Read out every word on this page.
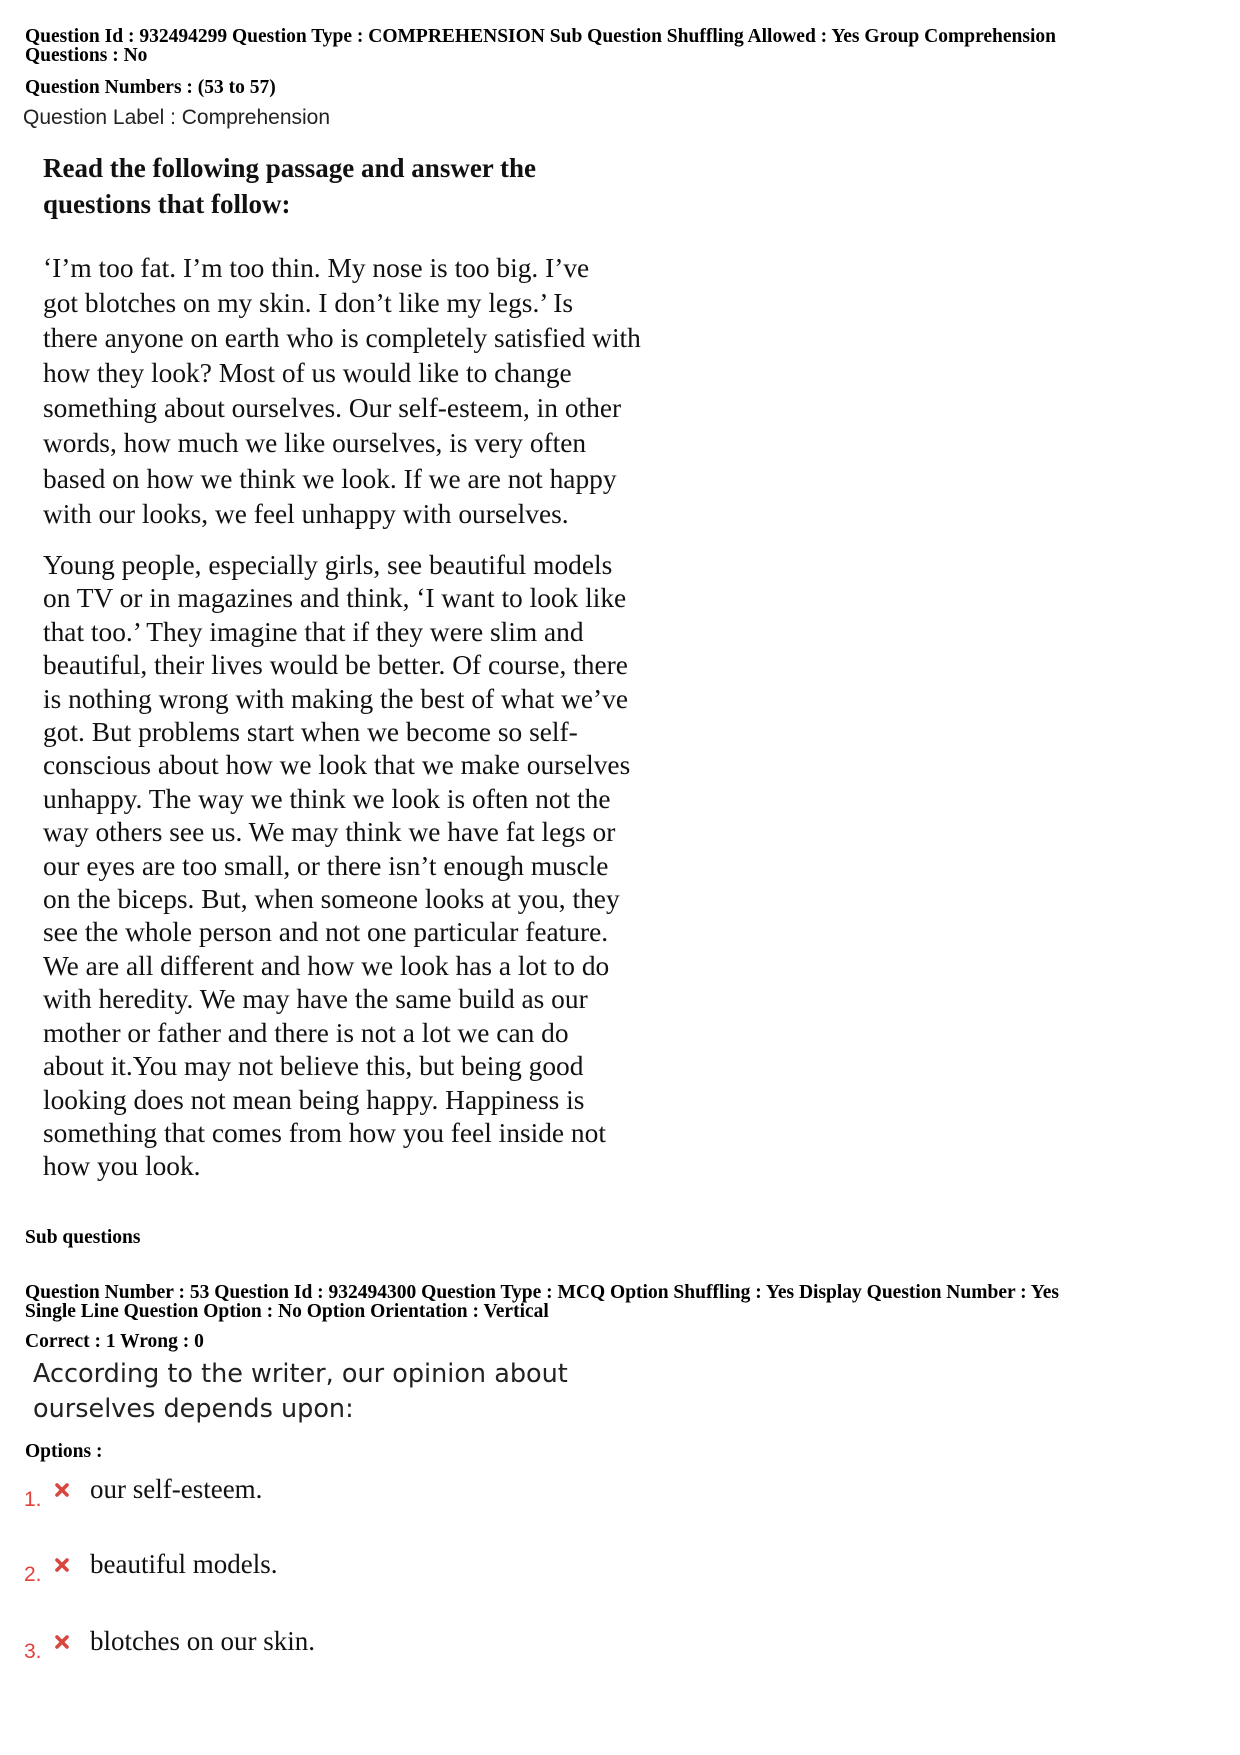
Question Id : 932494299 Question Type : COMPREHENSION Sub Question Shuffling Allowed : Yes Group Comprehension

Questions : No

Question Numbers : (53 to 57)

Question Label : Comprehension

Read the following passage and answer the
questions that follow:

‘I’m too fat. I’m too thin. My nose is too big. I’ve
got blotches on my skin. I don’t like my legs.’ Is
there anyone on earth who is completely satisfied with
how they look? Most of us would like to change
something about ourselves. Our self-esteem, in other
words, how much we like ourselves, is very often
based on how we think we look. If we are not happy
with our looks, we feel unhappy with ourselves.

Young people, especially girls, see beautiful models
on TV or in magazines and think, ‘I want to look like
that too.’ They imagine that if they were slim and
beautiful, their lives would be better. Of course, there
is nothing wrong with making the best of what we’ve
got. But problems start when we become so self-
conscious about how we look that we make ourselves
unhappy. The way we think we look is often not the
way others see us. We may think we have fat legs or
our eyes are too small, or there isn’t enough muscle
on the biceps. But, when someone looks at you, they
see the whole person and not one particular feature.
We are all different and how we look has a lot to do
with heredity. We may have the same build as our
mother or father and there is not a lot we can do
about it.You may not believe this, but being good
looking does not mean being happy. Happiness is
something that comes from how you feel inside not
how you look.

Sub questions

Question Number : 53 Question Id : 932494300 Question Type : MCQ Option Shuffling : Yes Display Question Number : Yes

Single Line Question Option : No Option Orientation : Vertical

Correct : 1 Wrong : 0

According to the writer, our opinion about
ourselves depends upon:

Options :

1. our self-esteem.
2. beautiful models.
3. blotches on our skin.
